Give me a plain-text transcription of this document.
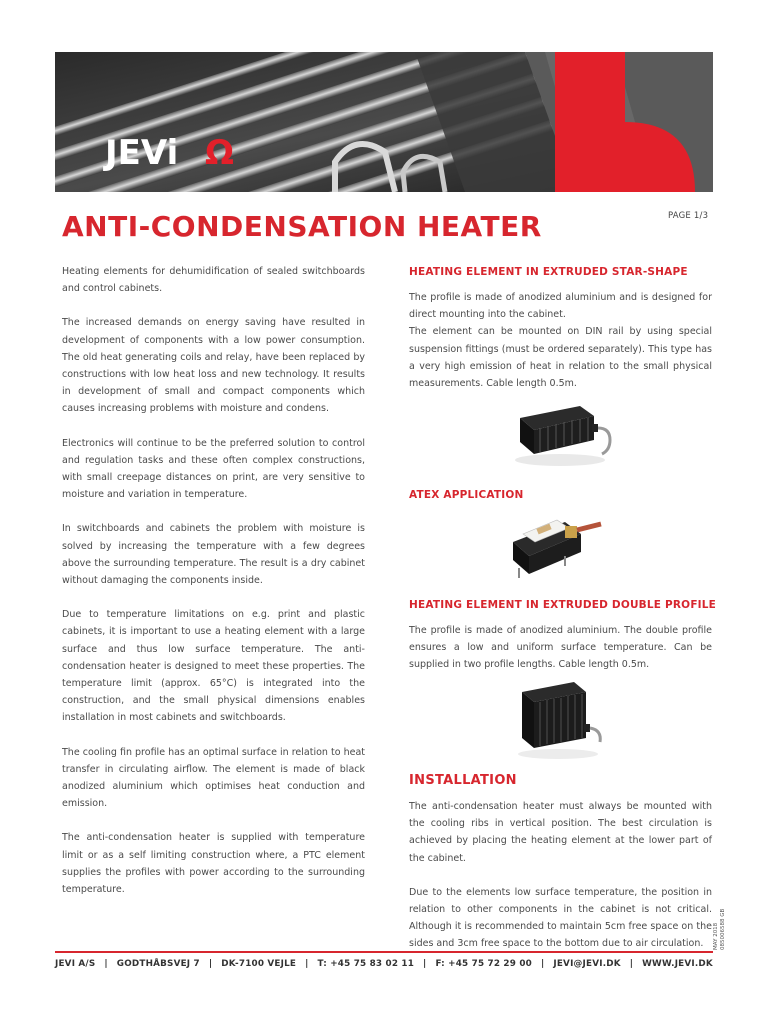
JEVi Ω
PAGE 1/3
ANTI-CONDENSATION HEATER

Heating elements for dehumidification of sealed switchboards and control cabinets.

The increased demands on energy saving have resulted in development of components with a low power consumption. The old heat generating coils and relay, have been replaced by constructions with low heat loss and new technology. It results in development of small and compact components which causes increasing problems with moisture and condens.

Electronics will continue to be the preferred solution to control and regulation tasks and these often complex constructions, with small creepage distances on print, are very sensitive to moisture and variation in temperature.

In switchboards and cabinets the problem with moisture is solved by increasing the temperature with a few degrees above the surrounding temperature. The result is a dry cabinet without damaging the components inside.

Due to temperature limitations on e.g. print and plastic cabinets, it is important to use a heating element with a large surface and thus low surface temperature. The anti-condensation heater is designed to meet these properties. The temperature limit (approx. 65°C) is integrated into the construction, and the small physical dimensions enables installation in most cabinets and switchboards.

The cooling fin profile has an optimal surface in relation to heat transfer in circulating airflow. The element is made of black anodized aluminium which optimises heat conduction and emission.

The anti-condensation heater is supplied with temperature limit or as a self limiting construction where, a PTC element supplies the profiles with power according to the surrounding temperature.

HEATING ELEMENT IN EXTRUDED STAR-SHAPE

The profile is made of anodized aluminium and is designed for direct mounting into the cabinet.

The element can be mounted on DIN rail by using special suspension fittings (must be ordered separately). This type has a very high emission of heat in relation to the small physical measurements. Cable length 0.5m.

ATEX APPLICATION
HEATING ELEMENT IN EXTRUDED DOUBLE PROFILE

The profile is made of anodized aluminium. The double profile ensures a low and uniform surface temperature. Can be supplied in two profile lengths. Cable length 0.5m.

INSTALLATION

The anti-condensation heater must always be mounted with the cooling ribs in vertical position. The best circulation is achieved by placing the heating element at the lower part of the cabinet.

Due to the elements low surface temperature, the position in relation to other components in the cabinet is not critical. Although it is recommended to maintain 5cm free space on the sides and 3cm free space to the bottom due to air circulation.	MAY 2018 085006588 GB
JEVI A/S | GODTHÅBSVEJ 7 | DK-7100 VEJLE | T: +45 75 83 02 11 | F: +45 75 72 29 00 | JEVI@JEVI.DK | WWW.JEVI.DK
